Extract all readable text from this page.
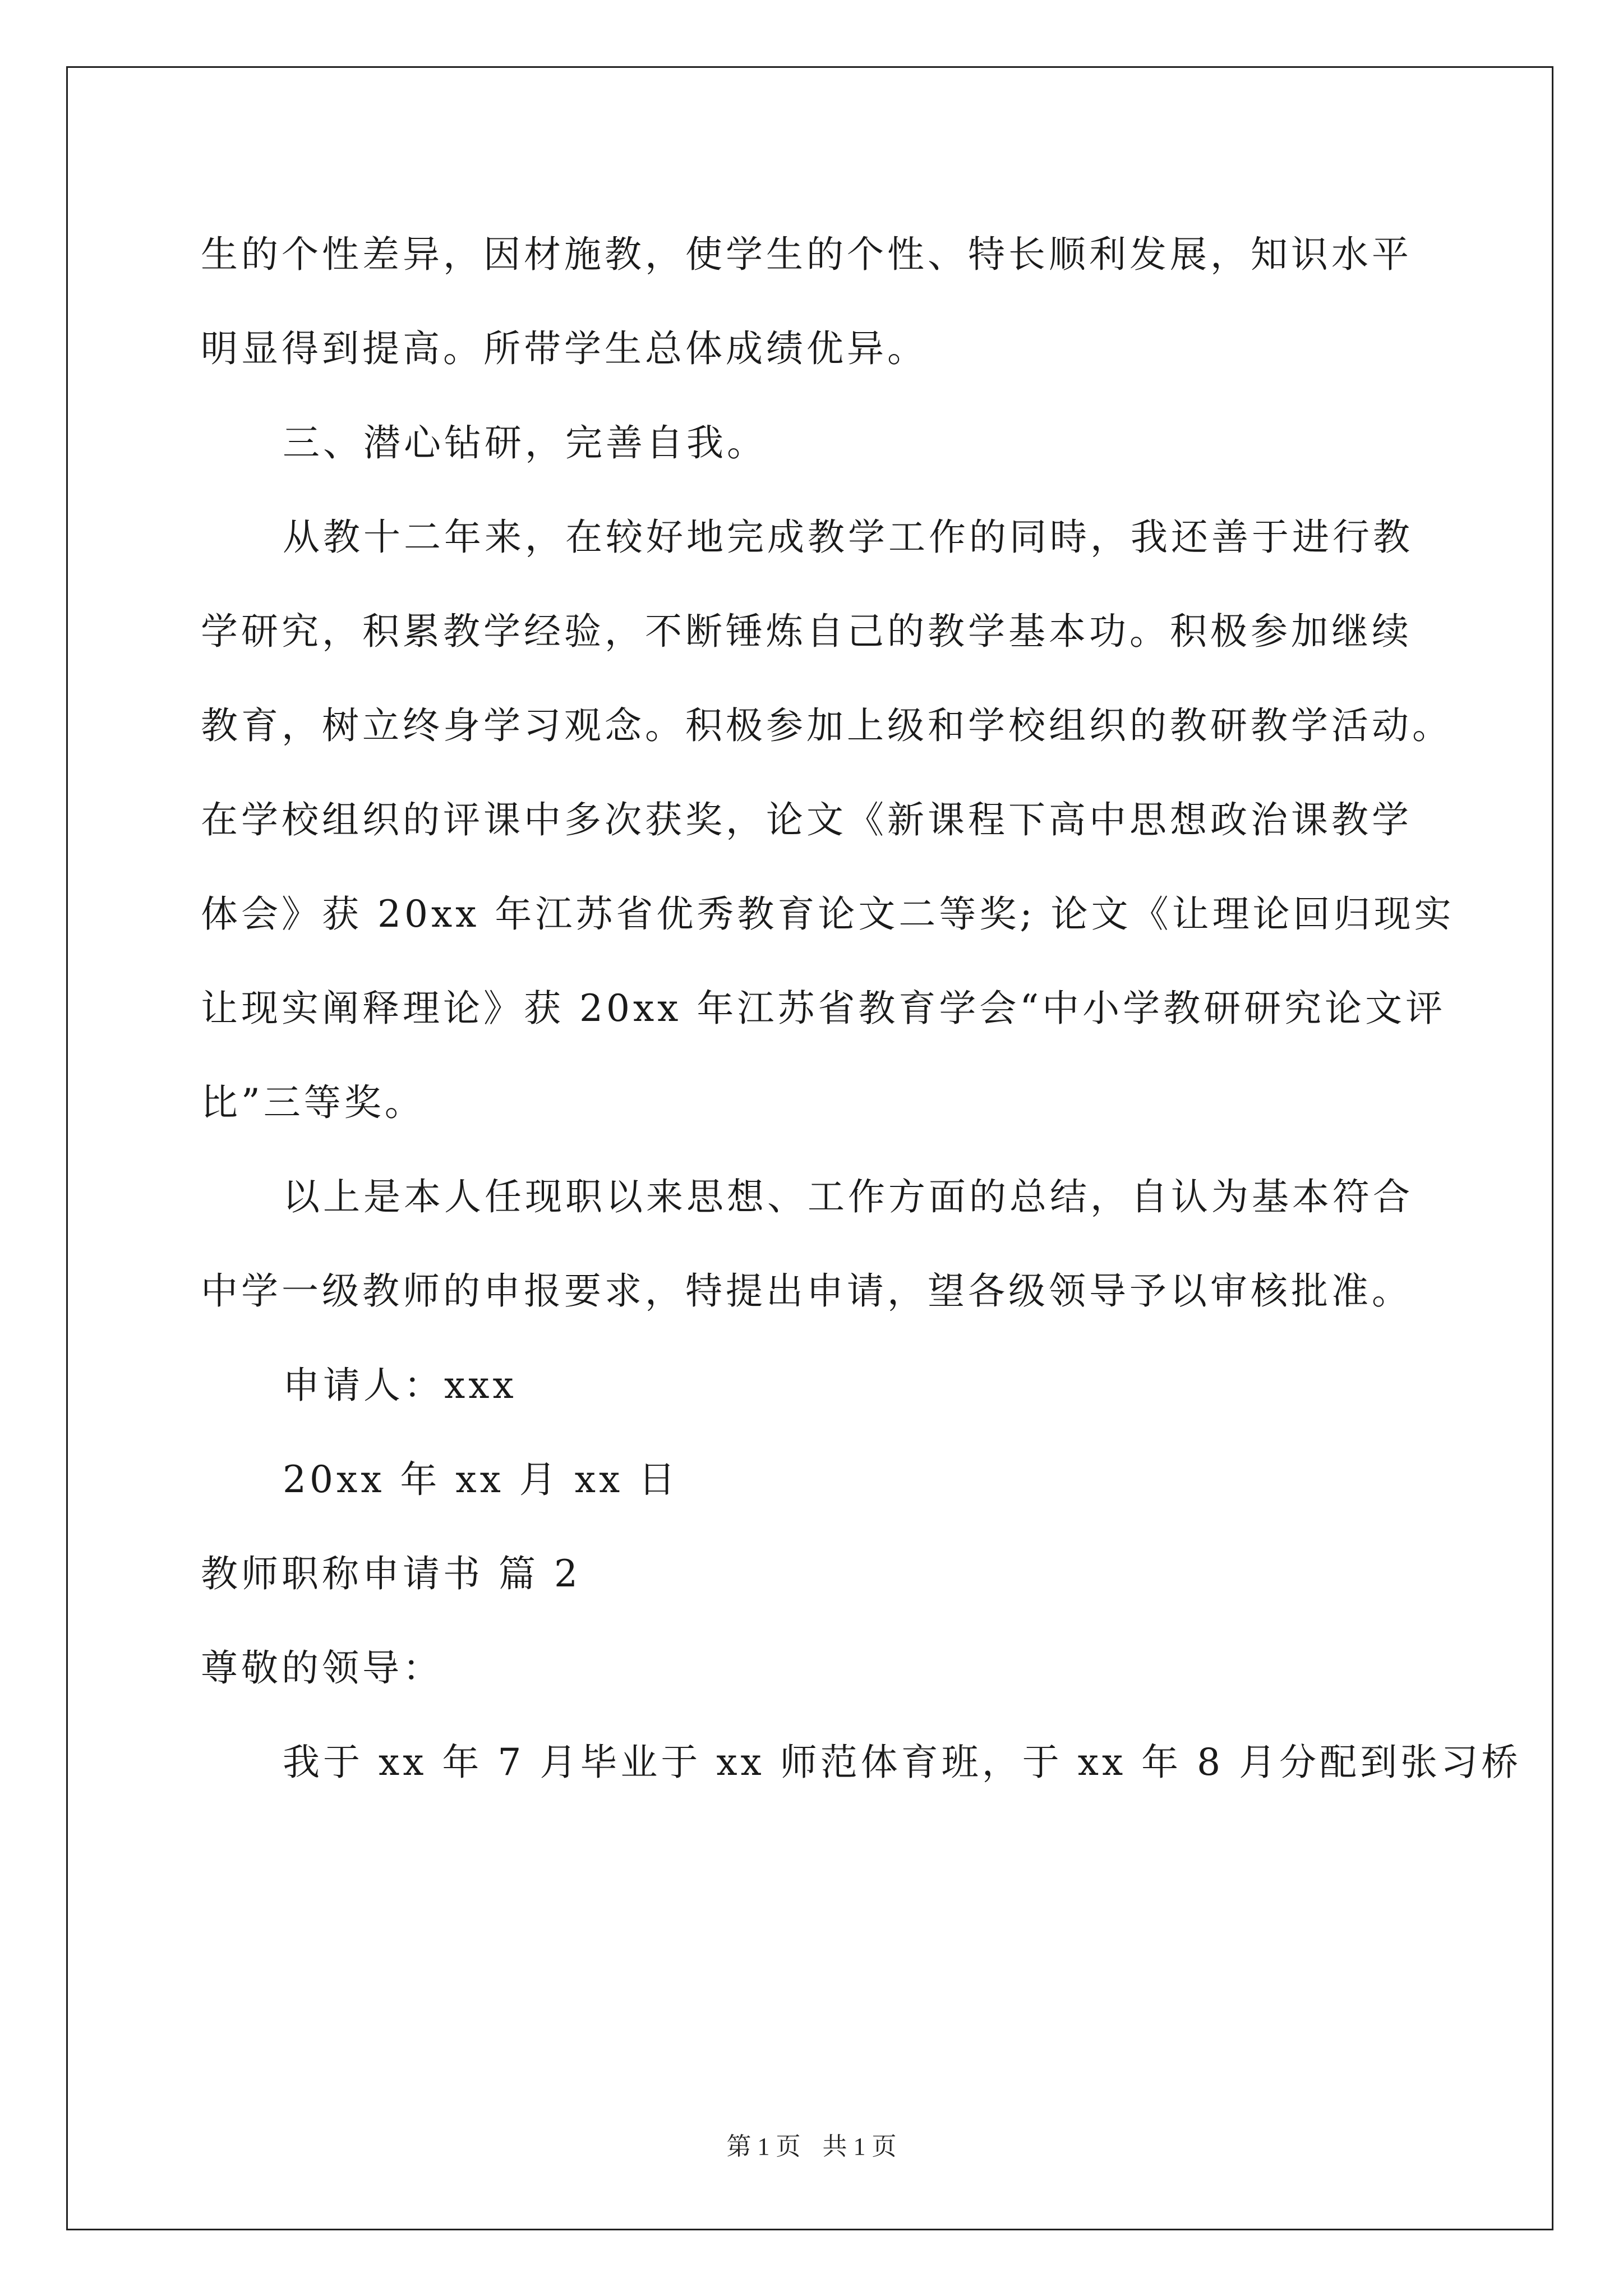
生的个性差异，因材施教，使学生的个性、特长顺利发展，知识水平
明显得到提高。所带学生总体成绩优异。
三、潜心钻研，完善自我。
从教十二年来，在较好地完成教学工作的同時，我还善于进行教
学研究，积累教学经验，不断锤炼自己的教学基本功。积极参加继续
教育，树立终身学习观念。积极参加上级和学校组织的教研教学活动。
在学校组织的评课中多次获奖，论文《新课程下高中思想政治课教学
体会》获 20xx 年江苏省优秀教育论文二等奖; 论文《让理论回归现实
让现实阐释理论》获 20xx 年江苏省教育学会“中小学教研研究论文评
比”三等奖。
以上是本人任现职以来思想、工作方面的总结，自认为基本符合
中学一级教师的申报要求，特提出申请，望各级领导予以审核批准。
申请人：xxx
20xx 年 xx 月 xx 日
教师职称申请书 篇 2
尊敬的领导：
我于 xx 年 7 月毕业于 xx 师范体育班，于 xx 年 8 月分配到张习桥
第 1 页 共 1 页
